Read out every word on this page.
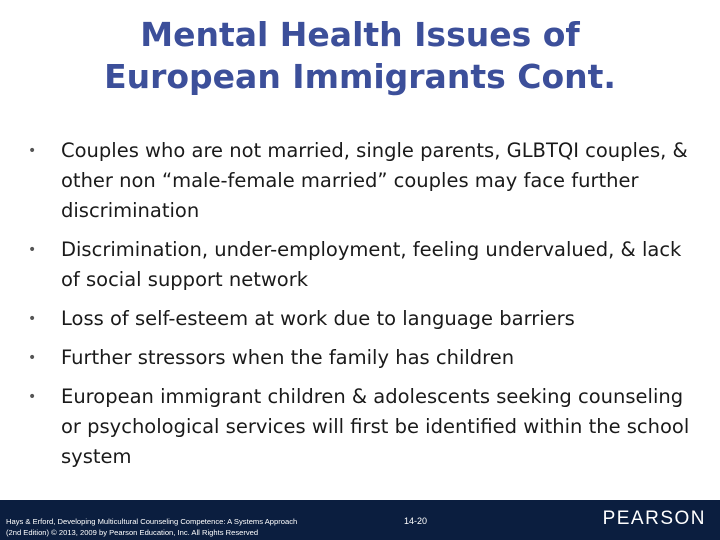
Mental Health Issues of
European Immigrants Cont.
• Couples who are not married, single parents, GLBTQI couples, & other non “male-female married” couples may face further discrimination
• Discrimination, under-employment, feeling undervalued, & lack of social support network
• Loss of self-esteem at work due to language barriers
• Further stressors when the family has children
• European immigrant children & adolescents seeking counseling or psychological services will first be identified within the school system
Hays & Erford, Developing Multicultural Counseling Competence: A Systems Approach
(2nd Edition) © 2013, 2009 by Pearson Education, Inc. All Rights Reserved
14-20	PEARSON
